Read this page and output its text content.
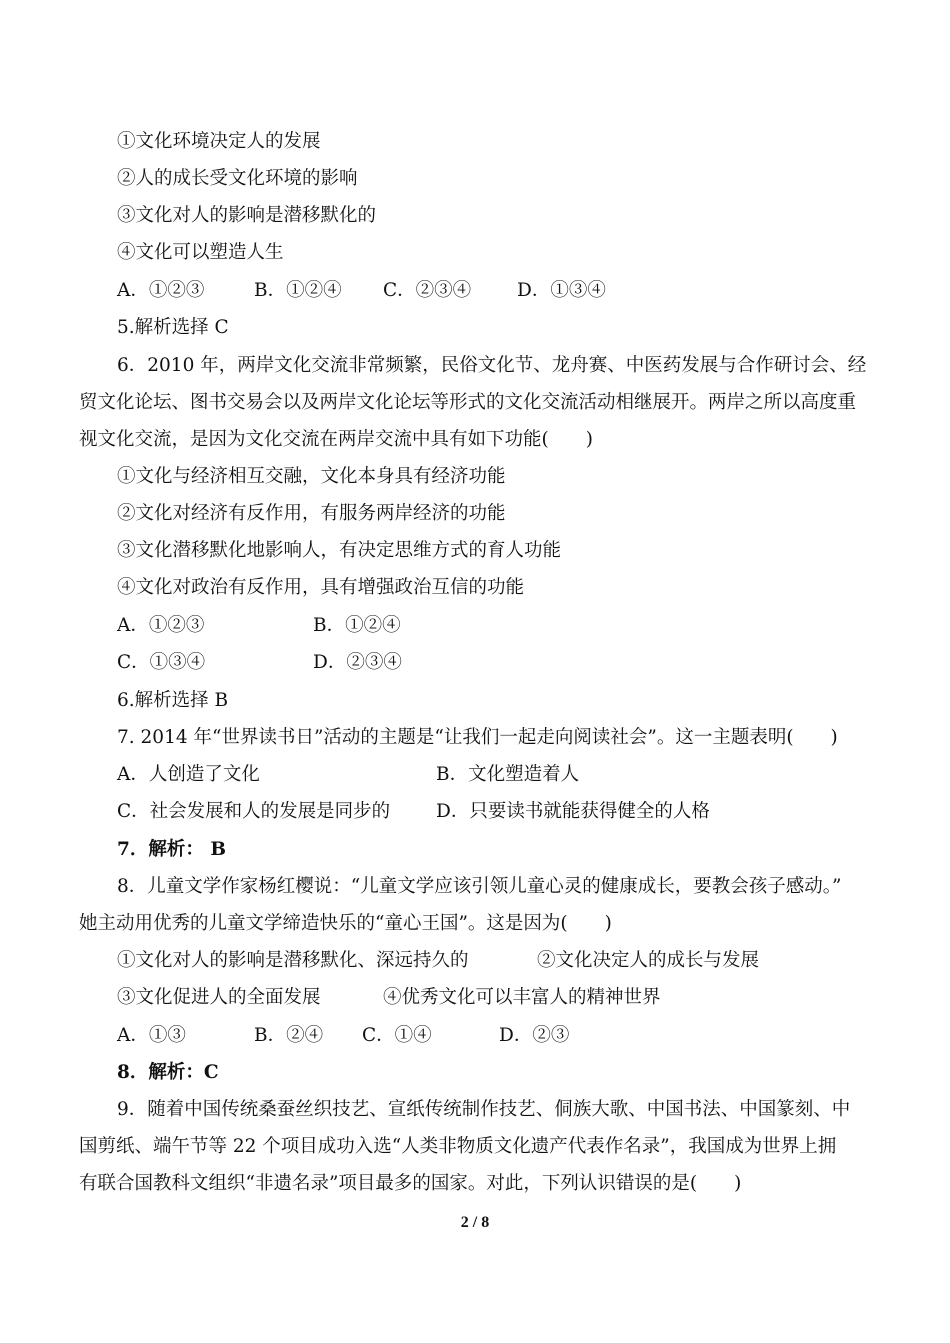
①文化环境决定人的发展
②人的成长受文化环境的影响
③文化对人的影响是潜移默化的
④文化可以塑造人生
A．①②③	B．①②④ C．②③④ D．①③④
5.解析选择 C
6．2010 年，两岸文化交流非常频繁，民俗文化节、龙舟赛、中医药发展与合作研讨会、经
贸文化论坛、图书交易会以及两岸文化论坛等形式的文化交流活动相继展开。两岸之所以高度重
视文化交流，是因为文化交流在两岸交流中具有如下功能(　　)
①文化与经济相互交融，文化本身具有经济功能
②文化对经济有反作用，有服务两岸经济的功能
③文化潜移默化地影响人，有决定思维方式的育人功能
④文化对政治有反作用，具有增强政治互信的功能
A．①②③	B．①②④
C．①③④	D．②③④
6.解析选择 B
7. 2014 年“世界读书日”活动的主题是“让我们一起走向阅读社会”。这一主题表明(　　)
A．人创造了文化	B．文化塑造着人
C．社会发展和人的发展是同步的 D．只要读书就能获得健全的人格
7．解析： B
8．儿童文学作家杨红樱说：“儿童文学应该引领儿童心灵的健康成长，要教会孩子感动。”
她主动用优秀的儿童文学缔造快乐的“童心王国”。这是因为(　　)
①文化对人的影响是潜移默化、深远持久的	②文化决定人的成长与发展
③文化促进人的全面发展	④优秀文化可以丰富人的精神世界
A．①③	B．②④ C．①④	D．②③
8．解析：C
9．随着中国传统桑蚕丝织技艺、宣纸传统制作技艺、侗族大歌、中国书法、中国篆刻、中
国剪纸、端午节等 22 个项目成功入选“人类非物质文化遗产代表作名录”，我国成为世界上拥
有联合国教科文组织“非遗名录”项目最多的国家。对此，下列认识错误的是(　　)
2 / 8
